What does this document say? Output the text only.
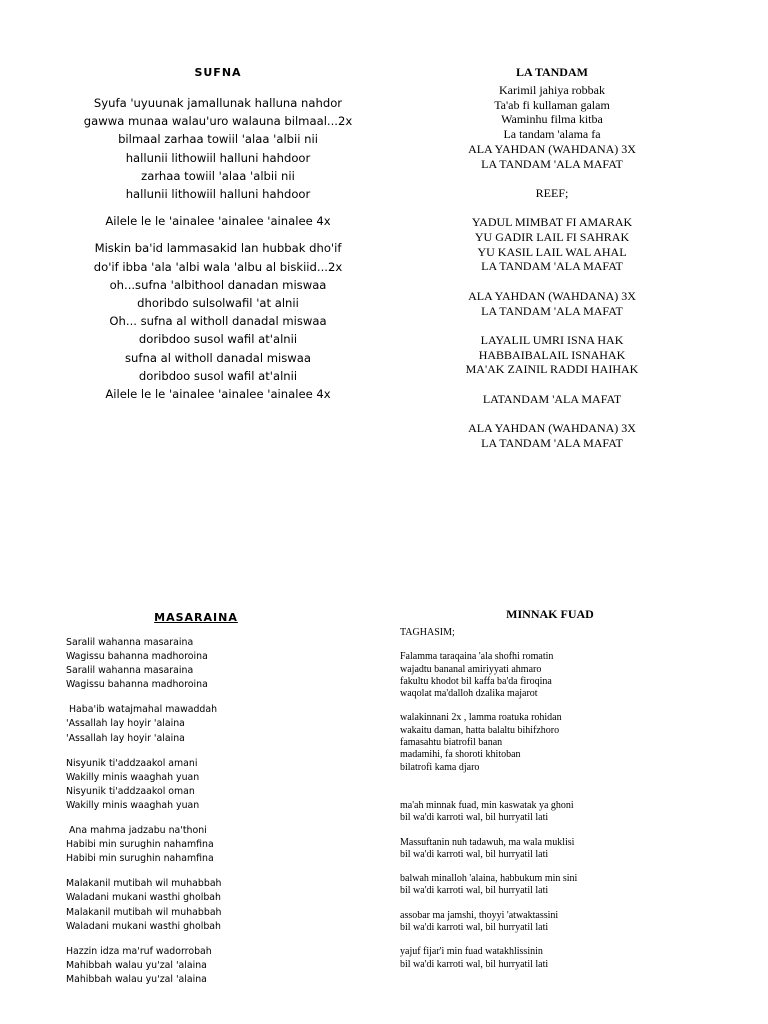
SUFNA
Syufa 'uyuunak jamallunak halluna nahdor
gawwa munaa walau'uro walauna bilmaal...2x
bilmaal zarhaa towiil 'alaa 'albii nii
hallunii lithowiil halluni hahdoor
zarhaa towiil 'alaa 'albii nii
hallunii lithowiil halluni hahdoor
Ailele le le 'ainalee 'ainalee 'ainalee 4x
Miskin ba'id lammasakid lan hubbak dho'if
do'if ibba 'ala 'albi wala 'albu al biskiid...2x
oh...sufna 'albithool danadan miswaa
dhoribdo sulsolwafil 'at alnii
Oh... sufna al witholl danadal miswaa
doribdoo susol wafil at'alnii
sufna al witholl danadal miswaa
doribdoo susol wafil at'alnii
Ailele le le 'ainalee 'ainalee 'ainalee 4x
LA TANDAM
Karimil jahiya robbak
Ta'ab fi kullaman galam
Waminhu filma kitba
La tandam 'alama fa
ALA YAHDAN (WAHDANA) 3X
LA TANDAM 'ALA MAFAT
REEF;
YADUL MIMBAT FI AMARAK
YU GADIR LAIL FI SAHRAK
YU KASIL LAIL WAL AHAL
LA TANDAM 'ALA MAFAT
ALA YAHDAN (WAHDANA) 3X
LA TANDAM 'ALA MAFAT
LAYALIL UMRI ISNA HAK
HABBAIBALAIL ISNAHAK
MA'AK ZAINIL RADDI HAIHAK
LATANDAM 'ALA MAFAT
ALA YAHDAN (WAHDANA) 3X
LA TANDAM 'ALA MAFAT
MASARAINA
Saralil wahanna masaraina
Wagissu bahanna madhoroina
Saralil wahanna masaraina
Wagissu bahanna madhoroina
Haba'ib watajmahal mawaddah
'Assallah lay hoyir 'alaina
'Assallah lay hoyir 'alaina
Nisyunik ti'addzaakol amani
Wakilly minis waaghah yuan
Nisyunik ti'addzaakol oman
Wakilly minis waaghah yuan
Ana mahma jadzabu na'thoni
Habibi min surughin nahamfina
Habibi min surughin nahamfina
Malakanil mutibah wil muhabbah
Waladani mukani wasthi gholbah
Malakanil mutibah wil muhabbah
Waladani mukani wasthi gholbah
Hazzin idza ma'ruf wadorrobah
Mahibbah walau yu'zal 'alaina
Mahibbah walau yu'zal 'alaina
MINNAK FUAD
TAGHASIM;
Falamma taraqaina 'ala shofhi romatin
wajadtu bananal amiriyyati ahmaro
fakultu khodot bil kaffa ba'da firoqina
waqolat ma'dalloh dzalika majarot
walakinnani 2x , lamma roatuka rohidan
wakaitu daman, hatta balaltu bihifzhoro
famasahtu biatrofil banan
madamihi, fa shoroti khitoban
bilatrofi kama djaro
ma'ah minnak fuad, min kaswatak ya ghoni
bil wa'di karroti wal, bil hurryatil lati
Massuftanin nuh tadawuh, ma wala muklisi
bil wa'di karroti wal, bil hurryatil lati
balwah minalloh 'alaina, habbukum min sini
bil wa'di karroti wal, bil hurryatil lati
assobar ma jamshi, thoyyi 'atwaktassini
bil wa'di karroti wal, bil hurryatil lati
yajuf fijar'i min fuad watakhlissinin
bil wa'di karroti wal, bil hurryatil lati
